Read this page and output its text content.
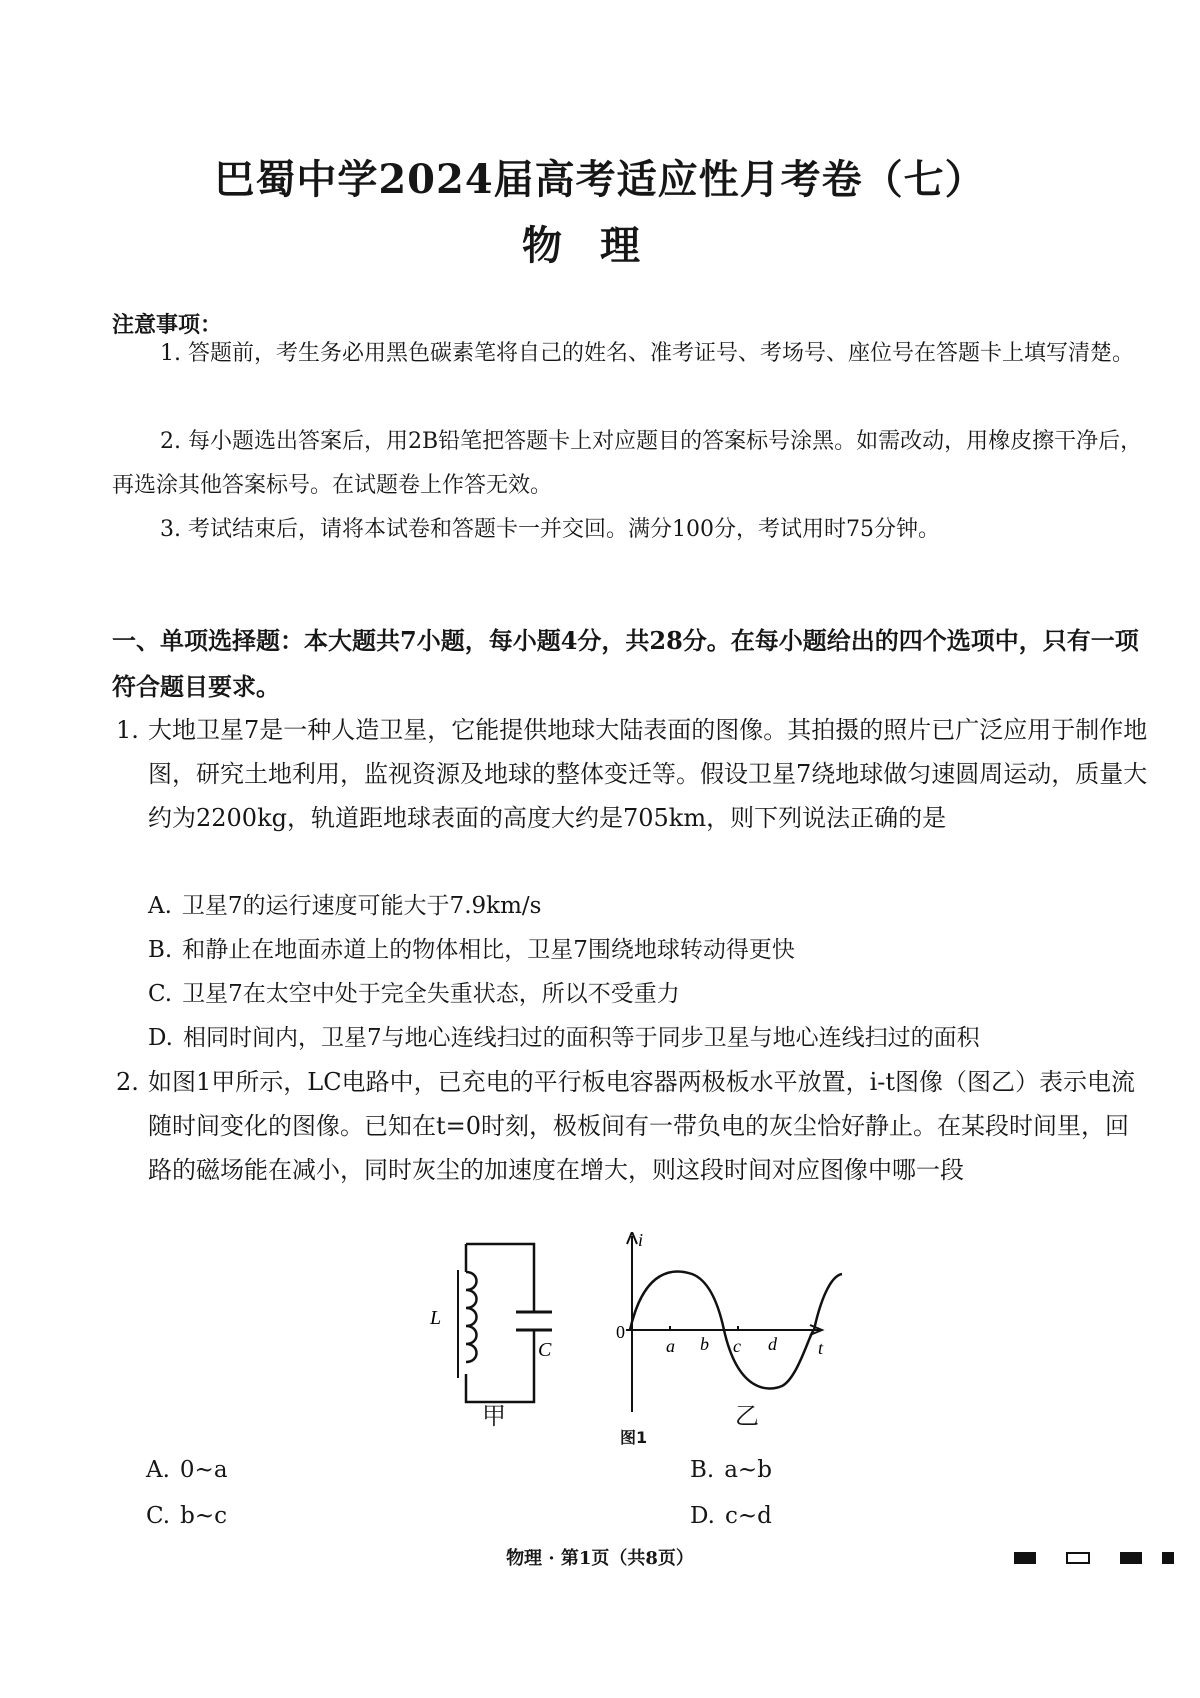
巴蜀中学2024届高考适应性月考卷（七）
物理
注意事项：
1. 答题前，考生务必用黑色碳素笔将自己的姓名、准考证号、考场号、座位号在答题卡上填写清楚。
2. 每小题选出答案后，用2B铅笔把答题卡上对应题目的答案标号涂黑。如需改动，用橡皮擦干净后，再选涂其他答案标号。在试题卷上作答无效。
3. 考试结束后，请将本试卷和答题卡一并交回。满分100分，考试用时75分钟。
一、单项选择题：本大题共7小题，每小题4分，共28分。在每小题给出的四个选项中，只有一项符合题目要求。
1. 大地卫星7是一种人造卫星，它能提供地球大陆表面的图像。其拍摄的照片已广泛应用于制作地图，研究土地利用，监视资源及地球的整体变迁等。假设卫星7绕地球做匀速圆周运动，质量大约为2200kg，轨道距地球表面的高度大约是705km，则下列说法正确的是
A. 卫星7的运行速度可能大于7.9km/s
B. 和静止在地面赤道上的物体相比，卫星7围绕地球转动得更快
C. 卫星7在太空中处于完全失重状态，所以不受重力
D. 相同时间内，卫星7与地心连线扫过的面积等于同步卫星与地心连线扫过的面积
2. 如图1甲所示，LC电路中，已充电的平行板电容器两极板水平放置，i-t图像（图乙）表示电流随时间变化的图像。已知在t=0时刻，极板间有一带负电的灰尘恰好静止。在某段时间里，回路的磁场能在减小，同时灰尘的加速度在增大，则这段时间对应图像中哪一段
L
C
i
t
0
a b c d
甲	乙
图1
A. 0~a	B. a~b
C. b~c	D. c~d
物理 · 第1页（共8页）
